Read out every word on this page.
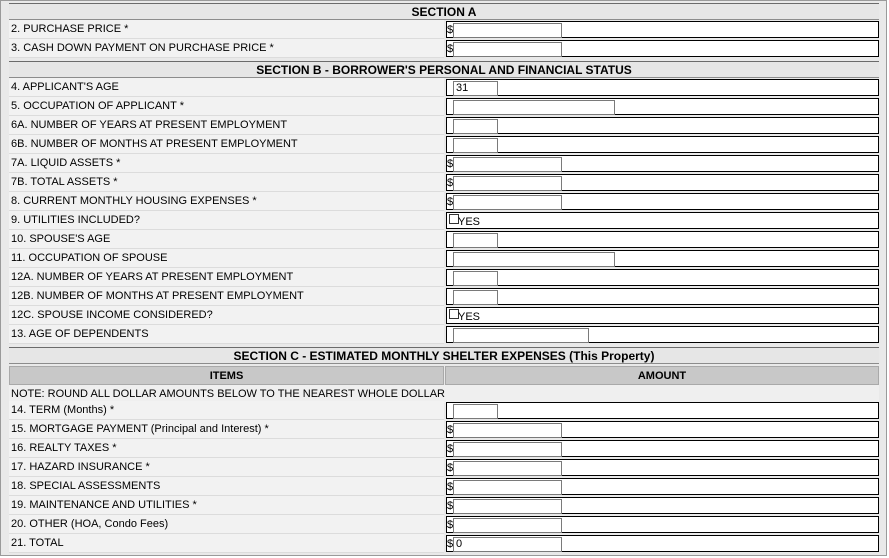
SECTION A
2. PURCHASE PRICE *	$
3. CASH DOWN PAYMENT ON PURCHASE PRICE *	$
SECTION B - BORROWER'S PERSONAL AND FINANCIAL STATUS
4. APPLICANT'S AGE	31
5. OCCUPATION OF APPLICANT *
6A. NUMBER OF YEARS AT PRESENT EMPLOYMENT
6B. NUMBER OF MONTHS AT PRESENT EMPLOYMENT
7A. LIQUID ASSETS *	$
7B. TOTAL ASSETS *	$
8. CURRENT MONTHLY HOUSING EXPENSES *	$
9. UTILITIES INCLUDED?	YES
10. SPOUSE'S AGE
11. OCCUPATION OF SPOUSE
12A. NUMBER OF YEARS AT PRESENT EMPLOYMENT
12B. NUMBER OF MONTHS AT PRESENT EMPLOYMENT
12C. SPOUSE INCOME CONSIDERED?	YES
13. AGE OF DEPENDENTS
SECTION C - ESTIMATED MONTHLY SHELTER EXPENSES (This Property)
ITEMS	AMOUNT
NOTE: ROUND ALL DOLLAR AMOUNTS BELOW TO THE NEAREST WHOLE DOLLAR
14. TERM (Months) *
15. MORTGAGE PAYMENT (Principal and Interest) *	$
16. REALTY TAXES *	$
17. HAZARD INSURANCE *	$
18. SPECIAL ASSESSMENTS	$
19. MAINTENANCE AND UTILITIES *	$
20. OTHER (HOA, Condo Fees)	$
21. TOTAL	$ 0
